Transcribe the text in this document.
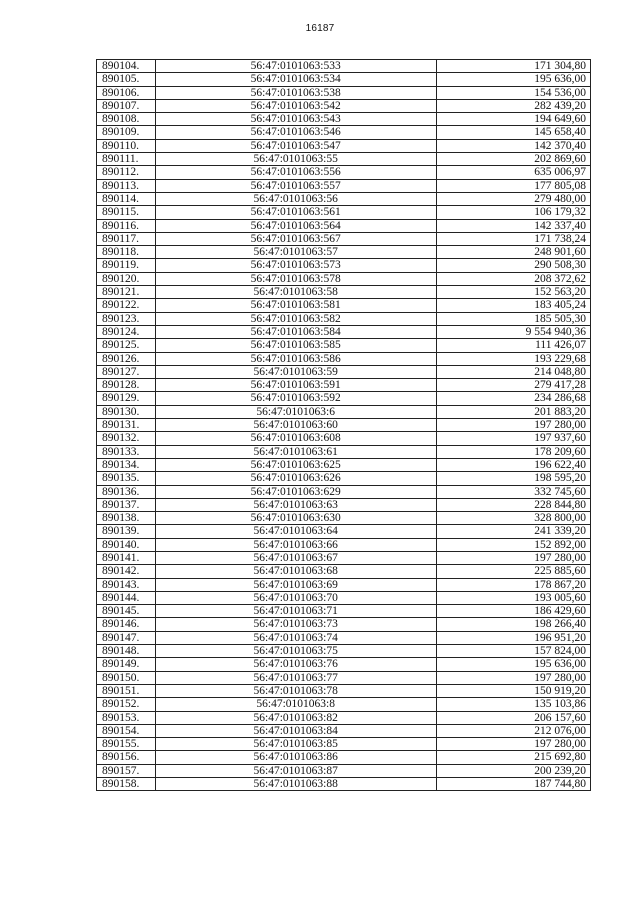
16187
890104.	56:47:0101063:533	171 304,80
890105.	56:47:0101063:534	195 636,00
890106.	56:47:0101063:538	154 536,00
890107.	56:47:0101063:542	282 439,20
890108.	56:47:0101063:543	194 649,60
890109.	56:47:0101063:546	145 658,40
890110.	56:47:0101063:547	142 370,40
890111.	56:47:0101063:55	202 869,60
890112.	56:47:0101063:556	635 006,97
890113.	56:47:0101063:557	177 805,08
890114.	56:47:0101063:56	279 480,00
890115.	56:47:0101063:561	106 179,32
890116.	56:47:0101063:564	142 337,40
890117.	56:47:0101063:567	171 738,24
890118.	56:47:0101063:57	248 901,60
890119.	56:47:0101063:573	290 508,30
890120.	56:47:0101063:578	208 372,62
890121.	56:47:0101063:58	152 563,20
890122.	56:47:0101063:581	183 405,24
890123.	56:47:0101063:582	185 505,30
890124.	56:47:0101063:584	9 554 940,36
890125.	56:47:0101063:585	111 426,07
890126.	56:47:0101063:586	193 229,68
890127.	56:47:0101063:59	214 048,80
890128.	56:47:0101063:591	279 417,28
890129.	56:47:0101063:592	234 286,68
890130.	56:47:0101063:6	201 883,20
890131.	56:47:0101063:60	197 280,00
890132.	56:47:0101063:608	197 937,60
890133.	56:47:0101063:61	178 209,60
890134.	56:47:0101063:625	196 622,40
890135.	56:47:0101063:626	198 595,20
890136.	56:47:0101063:629	332 745,60
890137.	56:47:0101063:63	228 844,80
890138.	56:47:0101063:630	328 800,00
890139.	56:47:0101063:64	241 339,20
890140.	56:47:0101063:66	152 892,00
890141.	56:47:0101063:67	197 280,00
890142.	56:47:0101063:68	225 885,60
890143.	56:47:0101063:69	178 867,20
890144.	56:47:0101063:70	193 005,60
890145.	56:47:0101063:71	186 429,60
890146.	56:47:0101063:73	198 266,40
890147.	56:47:0101063:74	196 951,20
890148.	56:47:0101063:75	157 824,00
890149.	56:47:0101063:76	195 636,00
890150.	56:47:0101063:77	197 280,00
890151.	56:47:0101063:78	150 919,20
890152.	56:47:0101063:8	135 103,86
890153.	56:47:0101063:82	206 157,60
890154.	56:47:0101063:84	212 076,00
890155.	56:47:0101063:85	197 280,00
890156.	56:47:0101063:86	215 692,80
890157.	56:47:0101063:87	200 239,20
890158.	56:47:0101063:88	187 744,80
